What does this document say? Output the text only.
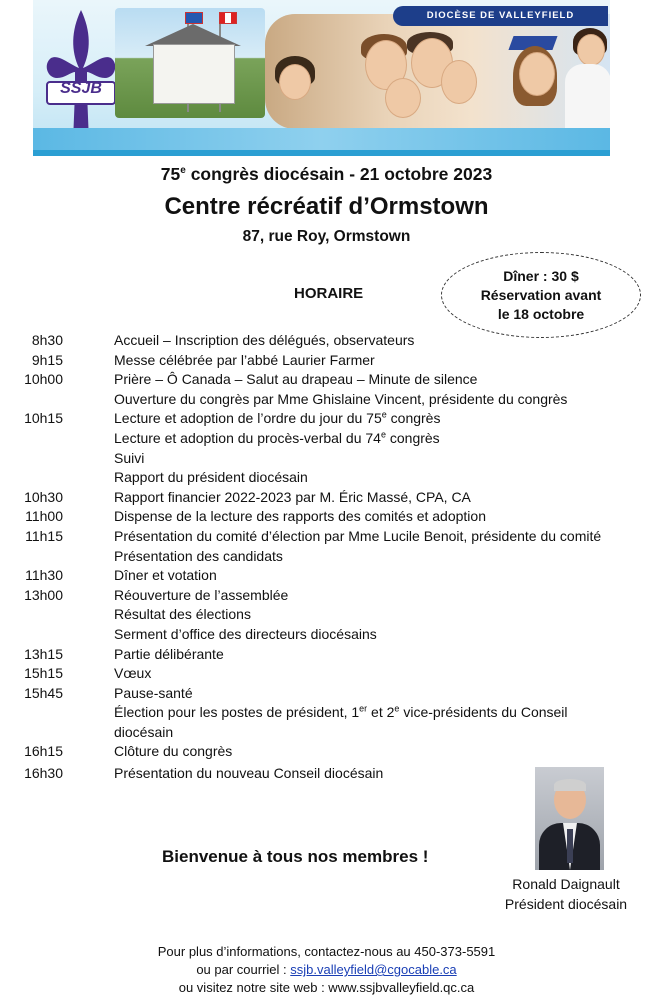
SSJB
DIOCÈSE DE VALLEYFIELD
75e congrès diocésain - 21 octobre 2023
Centre récréatif d’Ormstown
87, rue Roy, Ormstown
Dîner : 30 $
Réservation avant
le 18 octobre
HORAIRE
8h30	Accueil – Inscription des délégués, observateurs
9h15	Messe célébrée par l’abbé Laurier Farmer
10h00	Prière – Ô Canada – Salut au drapeau – Minute de silence
Ouverture du congrès par Mme Ghislaine Vincent, présidente du congrès
10h15	Lecture et adoption de l’ordre du jour du 75e congrès
Lecture et adoption du procès-verbal du 74e congrès
Suivi
Rapport du président diocésain
10h30	Rapport financier 2022-2023 par M. Éric Massé, CPA, CA
11h00	Dispense de la lecture des rapports des comités et adoption
11h15	Présentation du comité d’élection par Mme Lucile Benoit, présidente du comité
Présentation des candidats
11h30	Dîner et votation
13h00	Réouverture de l’assemblée
Résultat des élections
Serment d’office des directeurs diocésains
13h15	Partie délibérante
15h15	Vœux
15h45	Pause-santé
Élection pour les postes de président, 1er et 2e vice-présidents du Conseil
diocésain
16h15	Clôture du congrès
16h30	Présentation du nouveau Conseil diocésain
Bienvenue à tous nos membres !
Ronald Daignault
Président diocésain
Pour plus d’informations, contactez-nous au 450-373-5591
ou par courriel : ssjb.valleyfield@cgocable.ca
ou visitez notre site web : www.ssjbvalleyfield.qc.ca
